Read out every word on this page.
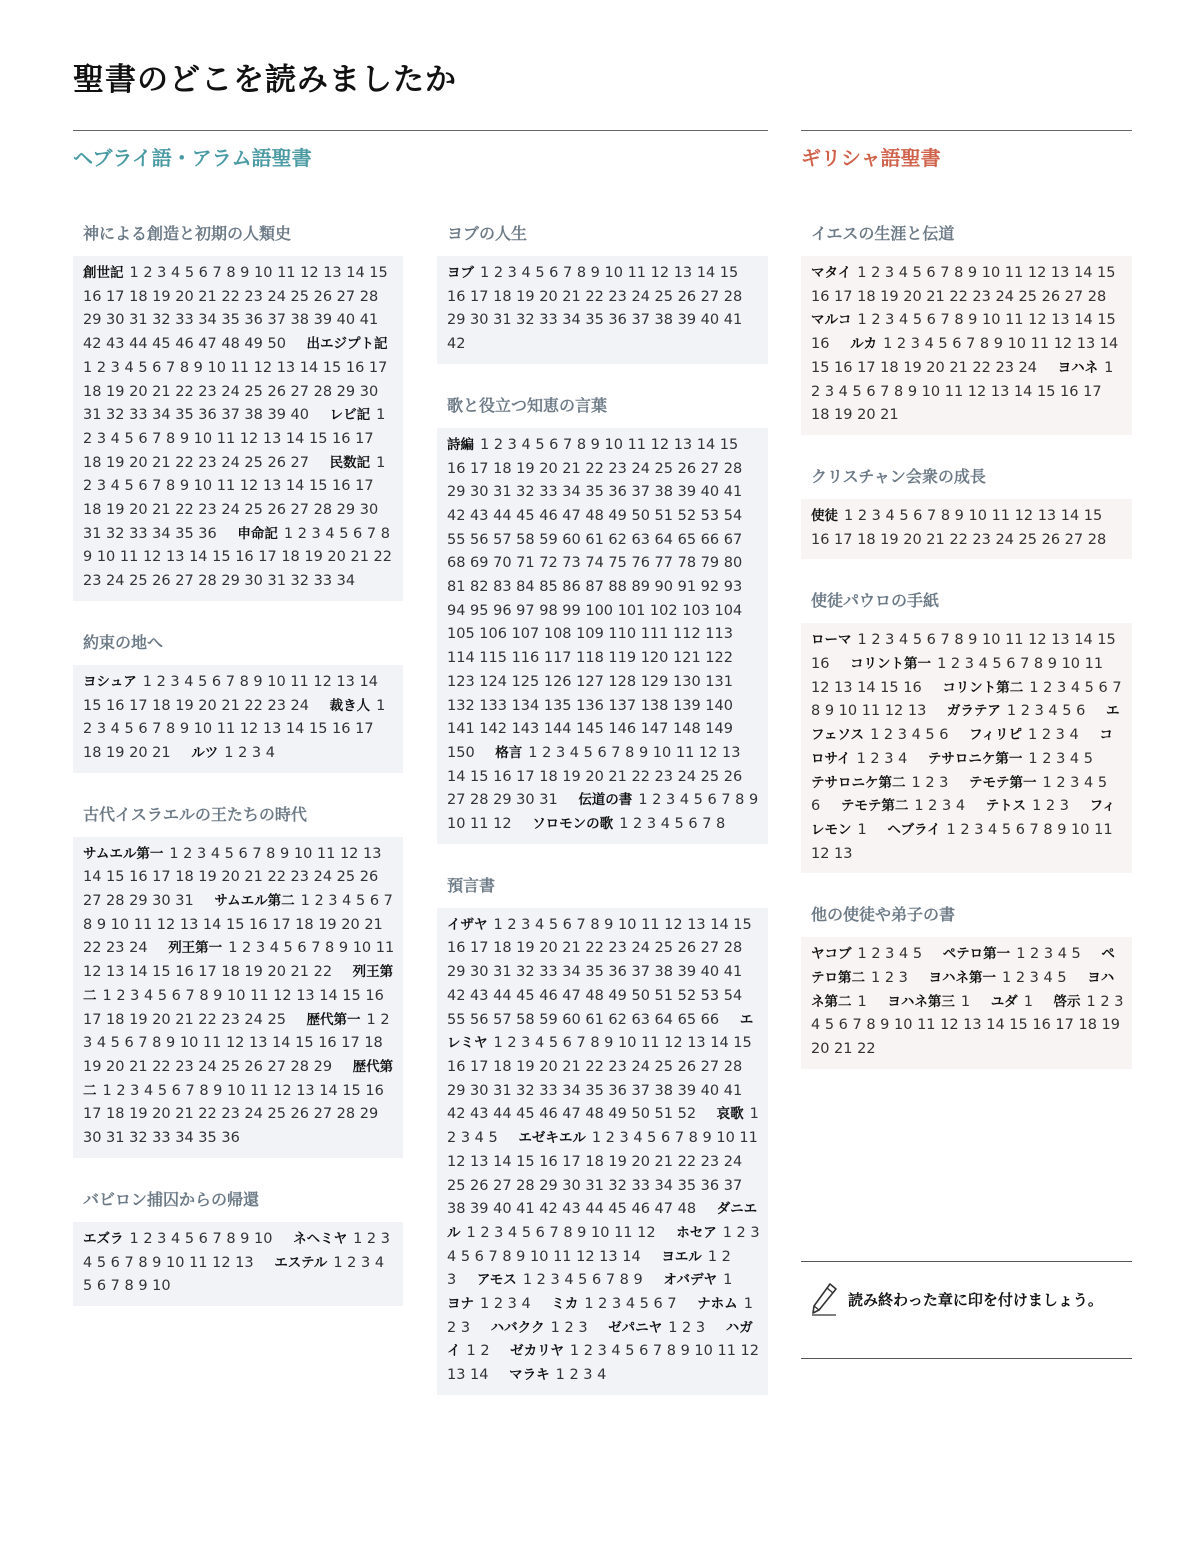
聖書のどこを読みましたか
ヘブライ語・アラム語聖書	ギリシャ語聖書
神による創造と初期の人類史
創世記 1 2 3 4 5 6 7 8 9 10 11 12 13 14 15 16 17 18 19 20 21 22 23 24 25 26 27 28 29 30 31 32 33 34 35 36 37 38 39 40 41 42 43 44 45 46 47 48 49 50 出エジプト記1 2 3 4 5 6 7 8 9 10 11 12 13 14 15 16 17 18 19 20 21 22 23 24 25 26 27 28 29 30 31 32 33 34 35 36 37 38 39 40 レビ記 1 2 3 4 5 6 7 8 9 10 11 12 13 14 15 16 17 18 19 20 21 22 23 24 25 26 27 民数記 1 2 3 4 5 6 7 8 9 10 11 12 13 14 15 16 17 18 19 20 21 22 23 24 25 26 27 28 29 30 31 32 33 34 35 36 申命記 1 2 3 4 5 6 7 8 9 10 11 12 13 14 15 16 17 18 19 20 21 22 23 24 25 26 27 28 29 30 31 32 33 34
約束の地へ
ヨシュア 1 2 3 4 5 6 7 8 9 10 11 12 13 14 15 16 17 18 19 20 21 22 23 24 裁き人 1 2 3 4 5 6 7 8 9 10 11 12 13 14 15 16 17 18 19 20 21 ルツ 1 2 3 4
古代イスラエルの王たちの時代
サムエル第一 1 2 3 4 5 6 7 8 9 10 11 12 13 14 15 16 17 18 19 20 21 22 23 24 25 26 27 28 29 30 31 サムエル第二 1 2 3 4 5 6 7 8 9 10 11 12 13 14 15 16 17 18 19 20 21 22 23 24 列王第一 1 2 3 4 5 6 7 8 9 10 11 12 13 14 15 16 17 18 19 20 21 22 列王第二 1 2 3 4 5 6 7 8 9 10 11 12 13 14 15 16 17 18 19 20 21 22 23 24 25 歴代第一 1 2 3 4 5 6 7 8 9 10 11 12 13 14 15 16 17 18 19 20 21 22 23 24 25 26 27 28 29 歴代第二 1 2 3 4 5 6 7 8 9 10 11 12 13 14 15 16 17 18 19 20 21 22 23 24 25 26 27 28 29 30 31 32 33 34 35 36
バビロン捕囚からの帰還
エズラ 1 2 3 4 5 6 7 8 9 10 ネヘミヤ 1 2 3 4 5 6 7 8 9 10 11 12 13 エステル 1 2 3 4 5 6 7 8 9 10
ヨブの人生
ヨブ 1 2 3 4 5 6 7 8 9 10 11 12 13 14 15 16 17 18 19 20 21 22 23 24 25 26 27 28 29 30 31 32 33 34 35 36 37 38 39 40 41 42
歌と役立つ知恵の言葉
詩編 1 2 3 4 5 6 7 8 9 10 11 12 13 14 15 16 17 18 19 20 21 22 23 24 25 26 27 28 29 30 31 32 33 34 35 36 37 38 39 40 41 42 43 44 45 46 47 48 49 50 51 52 53 54 55 56 57 58 59 60 61 62 63 64 65 66 67 68 69 70 71 72 73 74 75 76 77 78 79 80 81 82 83 84 85 86 87 88 89 90 91 92 93 94 95 96 97 98 99 100 101 102 103 104 105 106 107 108 109 110 111 112 113 114 115 116 117 118 119 120 121 122 123 124 125 126 127 128 129 130 131 132 133 134 135 136 137 138 139 140 141 142 143 144 145 146 147 148 149 150 格言 1 2 3 4 5 6 7 8 9 10 11 12 13 14 15 16 17 18 19 20 21 22 23 24 25 26 27 28 29 30 31 伝道の書 1 2 3 4 5 6 7 8 9 10 11 12 ソロモンの歌 1 2 3 4 5 6 7 8
預言書
イザヤ 1 2 3 4 5 6 7 8 9 10 11 12 13 14 15 16 17 18 19 20 21 22 23 24 25 26 27 28 29 30 31 32 33 34 35 36 37 38 39 40 41 42 43 44 45 46 47 48 49 50 51 52 53 54 55 56 57 58 59 60 61 62 63 64 65 66 エレミヤ 1 2 3 4 5 6 7 8 9 10 11 12 13 14 15 16 17 18 19 20 21 22 23 24 25 26 27 28 29 30 31 32 33 34 35 36 37 38 39 40 41 42 43 44 45 46 47 48 49 50 51 52 哀歌 1 2 3 4 5 エゼキエル 1 2 3 4 5 6 7 8 9 10 11 12 13 14 15 16 17 18 19 20 21 22 23 24 25 26 27 28 29 30 31 32 33 34 35 36 37 38 39 40 41 42 43 44 45 46 47 48 ダニエル 1 2 3 4 5 6 7 8 9 10 11 12 ホセア 1 2 3 4 5 6 7 8 9 10 11 12 13 14 ヨエル 1 2 3 アモス 1 2 3 4 5 6 7 8 9 オバデヤ 1 ヨナ 1 2 3 4 ミカ 1 2 3 4 5 6 7 ナホム 1 2 3 ハバクク 1 2 3 ゼパニヤ 1 2 3 ハガイ 1 2 ゼカリヤ 1 2 3 4 5 6 7 8 9 10 11 12 13 14 マラキ 1 2 3 4
イエスの生涯と伝道
マタイ 1 2 3 4 5 6 7 8 9 10 11 12 13 14 15 16 17 18 19 20 21 22 23 24 25 26 27 28 マルコ 1 2 3 4 5 6 7 8 9 10 11 12 13 14 15 16 ルカ 1 2 3 4 5 6 7 8 9 10 11 12 13 14 15 16 17 18 19 20 21 22 23 24 ヨハネ 1 2 3 4 5 6 7 8 9 10 11 12 13 14 15 16 17 18 19 20 21
クリスチャン会衆の成長
使徒 1 2 3 4 5 6 7 8 9 10 11 12 13 14 15 16 17 18 19 20 21 22 23 24 25 26 27 28
使徒パウロの手紙
ローマ 1 2 3 4 5 6 7 8 9 10 11 12 13 14 15 16 コリント第一 1 2 3 4 5 6 7 8 9 10 11 12 13 14 15 16 コリント第二 1 2 3 4 5 6 7 8 9 10 11 12 13 ガラテア 1 2 3 4 5 6 エフェソス 1 2 3 4 5 6 フィリピ 1 2 3 4 コロサイ 1 2 3 4 テサロニケ第一 1 2 3 4 5 テサロニケ第二 1 2 3 テモテ第一 1 2 3 4 5 6 テモテ第二 1 2 3 4 テトス 1 2 3 フィレモン 1 ヘブライ 1 2 3 4 5 6 7 8 9 10 11 12 13
他の使徒や弟子の書
ヤコブ 1 2 3 4 5 ペテロ第一 1 2 3 4 5 ペテロ第二 1 2 3 ヨハネ第一 1 2 3 4 5 ヨハネ第二 1 ヨハネ第三 1 ユダ 1 啓示 1 2 3 4 5 6 7 8 9 10 11 12 13 14 15 16 17 18 19 20 21 22
読み終わった章に印を付けましょう。
